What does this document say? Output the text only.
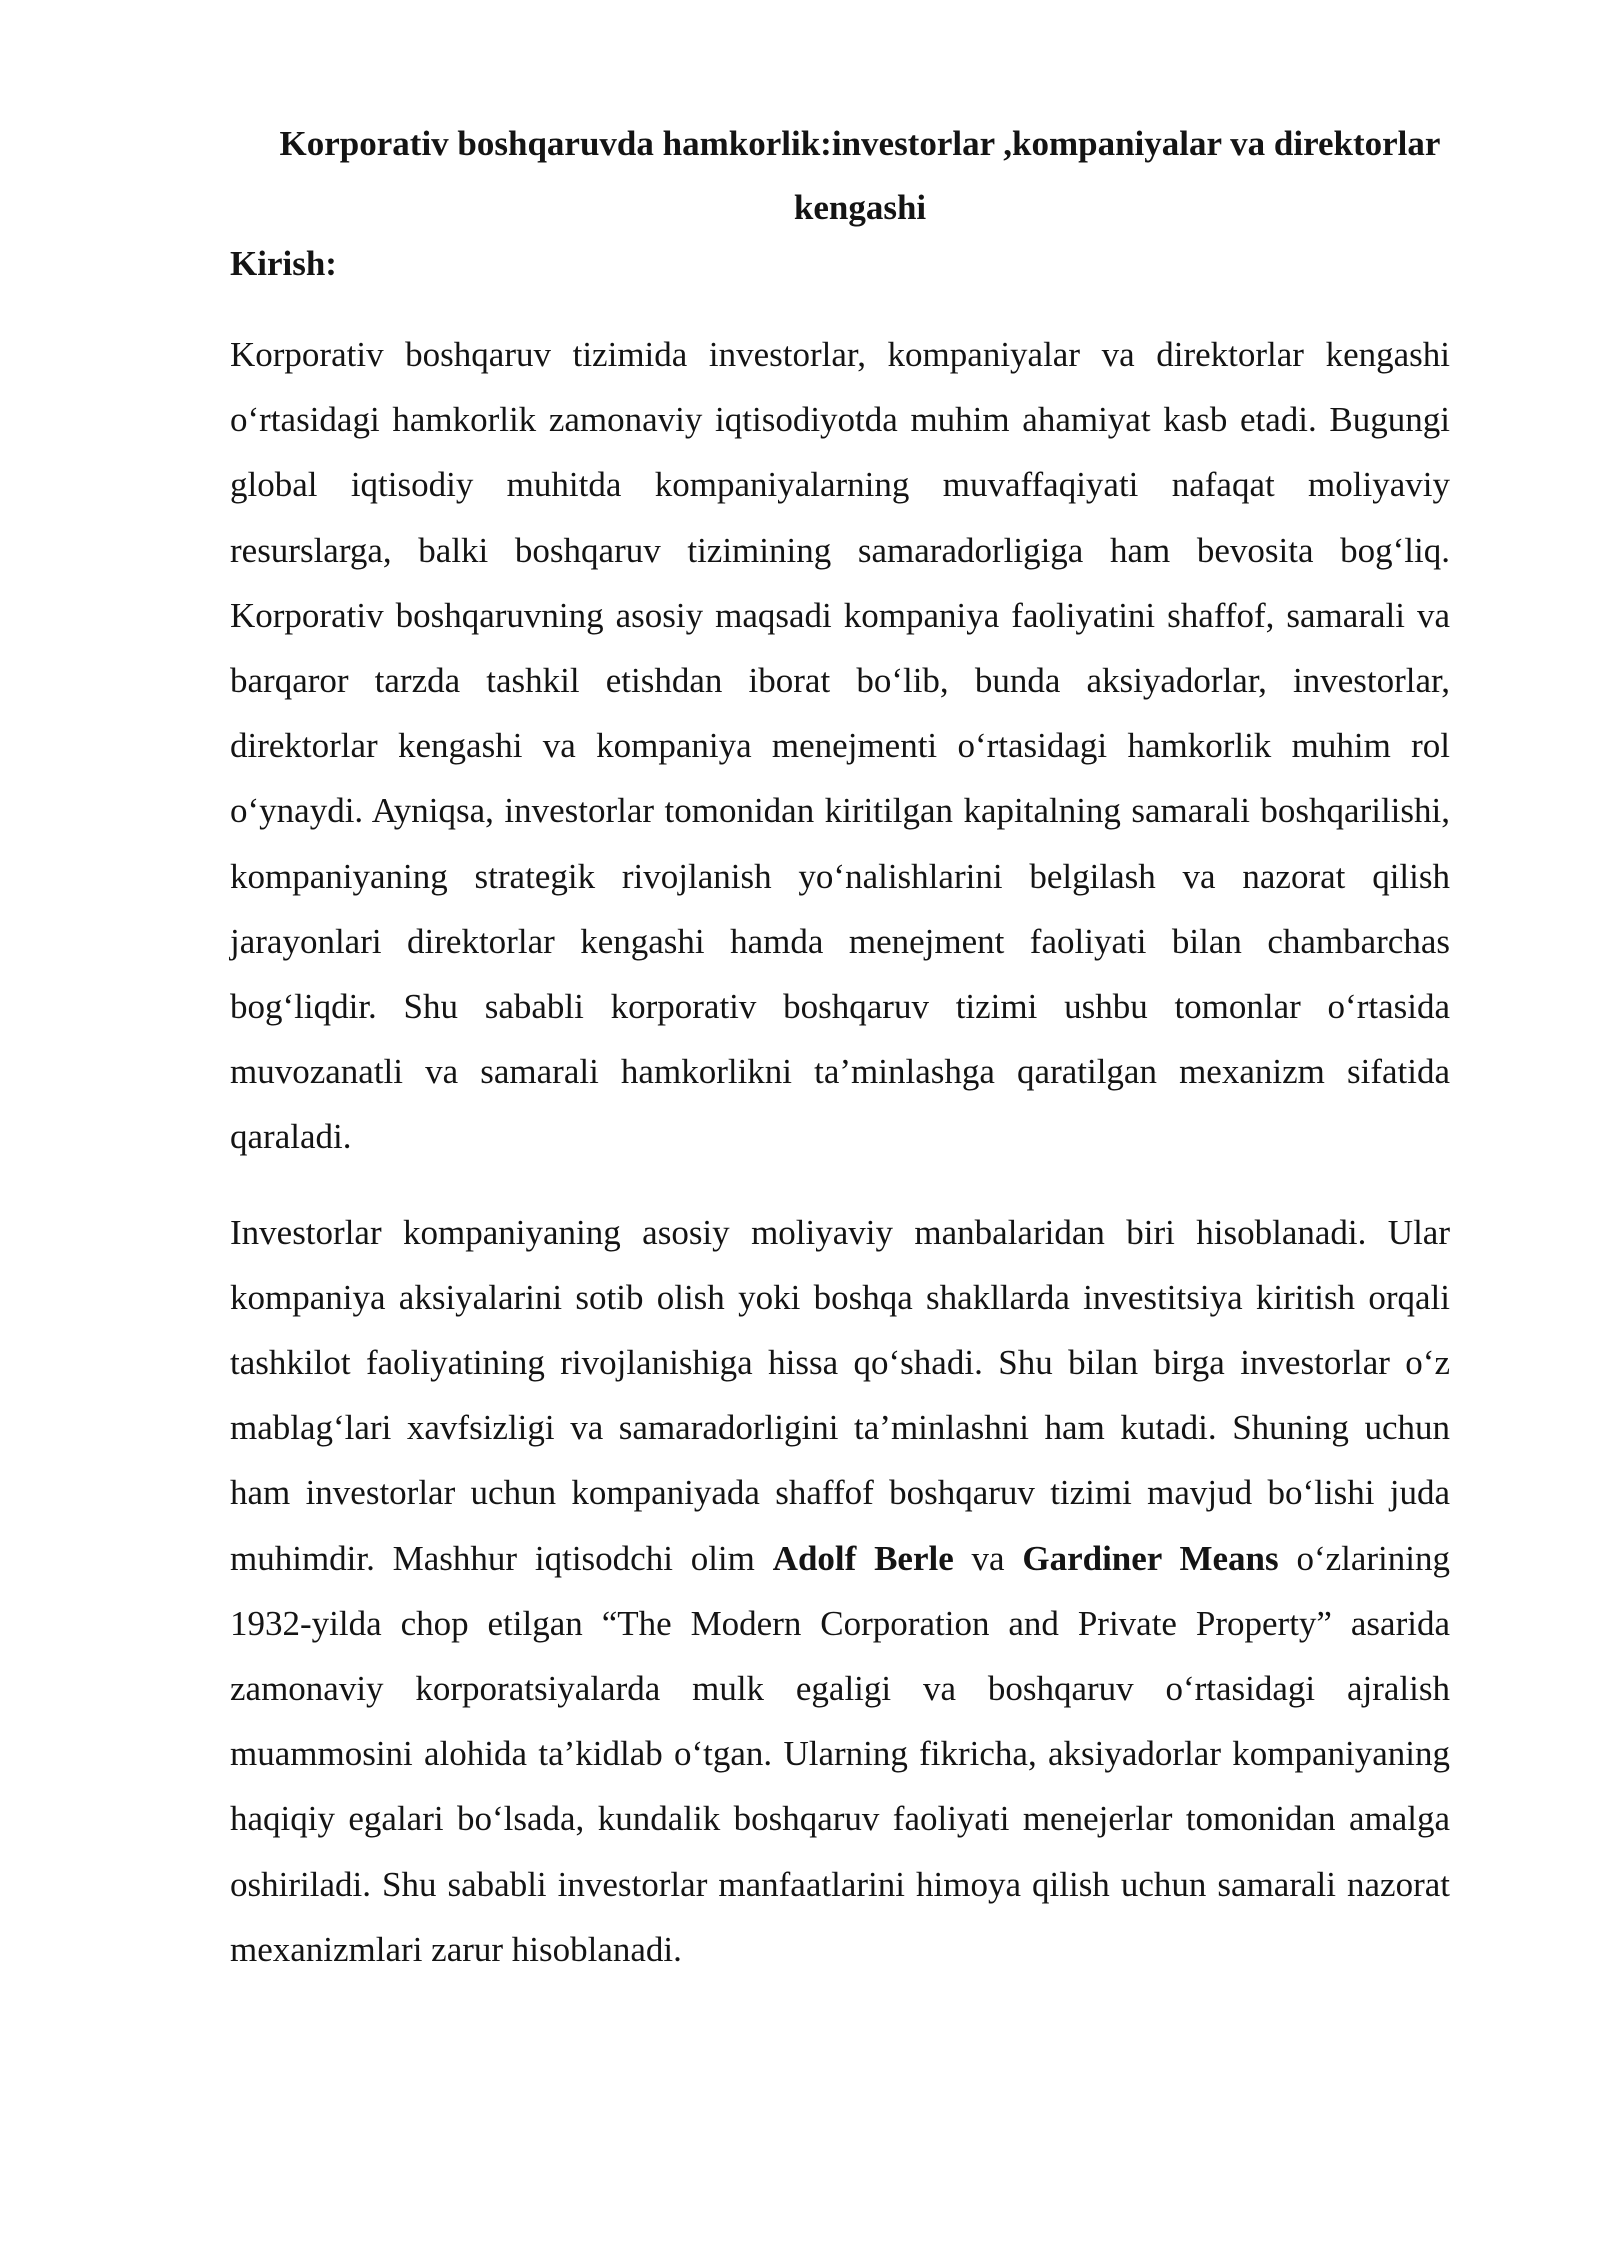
Korporativ boshqaruvda hamkorlik:investorlar ,kompaniyalar va direktorlar kengashi
Kirish:

Korporativ boshqaruv tizimida investorlar, kompaniyalar va direktorlar kengashi o‘rtasidagi hamkorlik zamonaviy iqtisodiyotda muhim ahamiyat kasb etadi. Bugungi global iqtisodiy muhitda kompaniyalarning muvaffaqiyati nafaqat moliyaviy resurslarga, balki boshqaruv tizimining samaradorligiga ham bevosita bog‘liq. Korporativ boshqaruvning asosiy maqsadi kompaniya faoliyatini shaffof, samarali va barqaror tarzda tashkil etishdan iborat bo‘lib, bunda aksiyadorlar, investorlar, direktorlar kengashi va kompaniya menejmenti o‘rtasidagi hamkorlik muhim rol o‘ynaydi. Ayniqsa, investorlar tomonidan kiritilgan kapitalning samarali boshqarilishi, kompaniyaning strategik rivojlanish yo‘nalishlarini belgilash va nazorat qilish jarayonlari direktorlar kengashi hamda menejment faoliyati bilan chambarchas bog‘liqdir. Shu sababli korporativ boshqaruv tizimi ushbu tomonlar o‘rtasida muvozanatli va samarali hamkorlikni ta’minlashga qaratilgan mexanizm sifatida qaraladi.

Investorlar kompaniyaning asosiy moliyaviy manbalaridan biri hisoblanadi. Ular kompaniya aksiyalarini sotib olish yoki boshqa shakllarda investitsiya kiritish orqali tashkilot faoliyatining rivojlanishiga hissa qo‘shadi. Shu bilan birga investorlar o‘z mablag‘lari xavfsizligi va samaradorligini ta’minlashni ham kutadi. Shuning uchun ham investorlar uchun kompaniyada shaffof boshqaruv tizimi mavjud bo‘lishi juda muhimdir. Mashhur iqtisodchi olim Adolf Berle va Gardiner Means o‘zlarining 1932-yilda chop etilgan “The Modern Corporation and Private Property” asarida zamonaviy korporatsiyalarda mulk egaligi va boshqaruv o‘rtasidagi ajralish muammosini alohida ta’kidlab o‘tgan. Ularning fikricha, aksiyadorlar kompaniyaning haqiqiy egalari bo‘lsada, kundalik boshqaruv faoliyati menejerlar tomonidan amalga oshiriladi. Shu sababli investorlar manfaatlarini himoya qilish uchun samarali nazorat mexanizmlari zarur hisoblanadi.
